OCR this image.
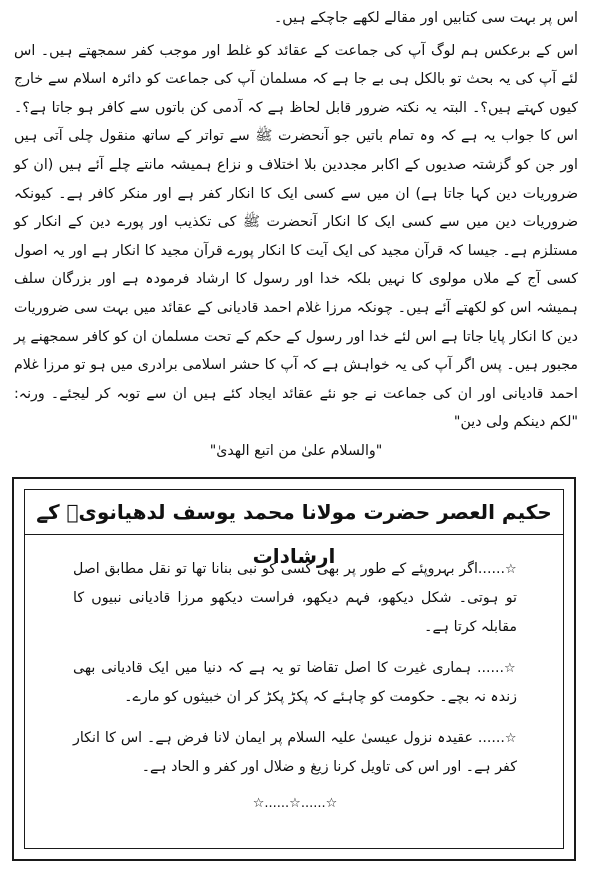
اس پر بہت سی کتابیں اور مقالے لکھے جاچکے ہیں۔

اس کے برعکس ہم لوگ آپ کی جماعت کے عقائد کو غلط اور موجب کفر سمجھتے ہیں۔ اس لئے آپ کی یہ بحث تو بالکل ہی بے جا ہے کہ مسلمان آپ کی جماعت کو دائرہ اسلام سے خارج کیوں کہتے ہیں؟۔ البتہ یہ نکتہ ضرور قابل لحاظ ہے کہ آدمی کن باتوں سے کافر ہو جاتا ہے؟۔ اس کا جواب یہ ہے کہ وہ تمام باتیں جو آنحضرت ﷺ سے تواتر کے ساتھ منقول چلی آتی ہیں اور جن کو گزشتہ صدیوں کے اکابر مجددین بلا اختلاف و نزاع ہمیشہ مانتے چلے آئے ہیں (ان کو ضروریات دین کہا جاتا ہے) ان میں سے کسی ایک کا انکار کفر ہے اور منکر کافر ہے۔ کیونکہ ضروریات دین میں سے کسی ایک کا انکار آنحضرت ﷺ کی تکذیب اور پورے دین کے انکار کو مستلزم ہے۔ جیسا کہ قرآن مجید کی ایک آیت کا انکار پورے قرآن مجید کا انکار ہے اور یہ اصول کسی آج کے ملاں مولوی کا نہیں بلکہ خدا اور رسول کا ارشاد فرمودہ ہے اور بزرگان سلف ہمیشہ اس کو لکھتے آئے ہیں۔ چونکہ مرزا غلام احمد قادیانی کے عقائد میں بہت سی ضروریات دین کا انکار پایا جاتا ہے اس لئے خدا اور رسول کے حکم کے تحت مسلمان ان کو کافر سمجھنے پر مجبور ہیں۔ پس اگر آپ کی یہ خواہش ہے کہ آپ کا حشر اسلامی برادری میں ہو تو مرزا غلام احمد قادیانی اور ان کی جماعت نے جو نئے عقائد ایجاد کئے ہیں ان سے توبہ کر لیجئے۔ ورنہ: "لکم دینکم ولی دین"

"والسلام علیٰ من اتبع الھدیٰ"

حکیم العصر حضرت مولانا محمد یوسف لدھیانویؒ کے ارشادات

☆......اگر بہروپئے کے طور پر بھی کسی کو نبی بنانا تھا تو نقل مطابق اصل تو ہوتی۔ شکل دیکھو، فہم دیکھو، فراست دیکھو مرزا قادیانی نبیوں کا مقابلہ کرتا ہے۔

☆...... ہماری غیرت کا اصل تقاضا تو یہ ہے کہ دنیا میں ایک قادیانی بھی زندہ نہ بچے۔ حکومت کو چاہئے کہ پکڑ پکڑ کر ان خبیثوں کو مارے۔

☆...... عقیدہ نزول عیسیٰ علیہ السلام پر ایمان لانا فرض ہے۔ اس کا انکار کفر ہے۔ اور اس کی تاویل کرنا زیغ و ضلال اور کفر و الحاد ہے۔

☆......☆......☆
